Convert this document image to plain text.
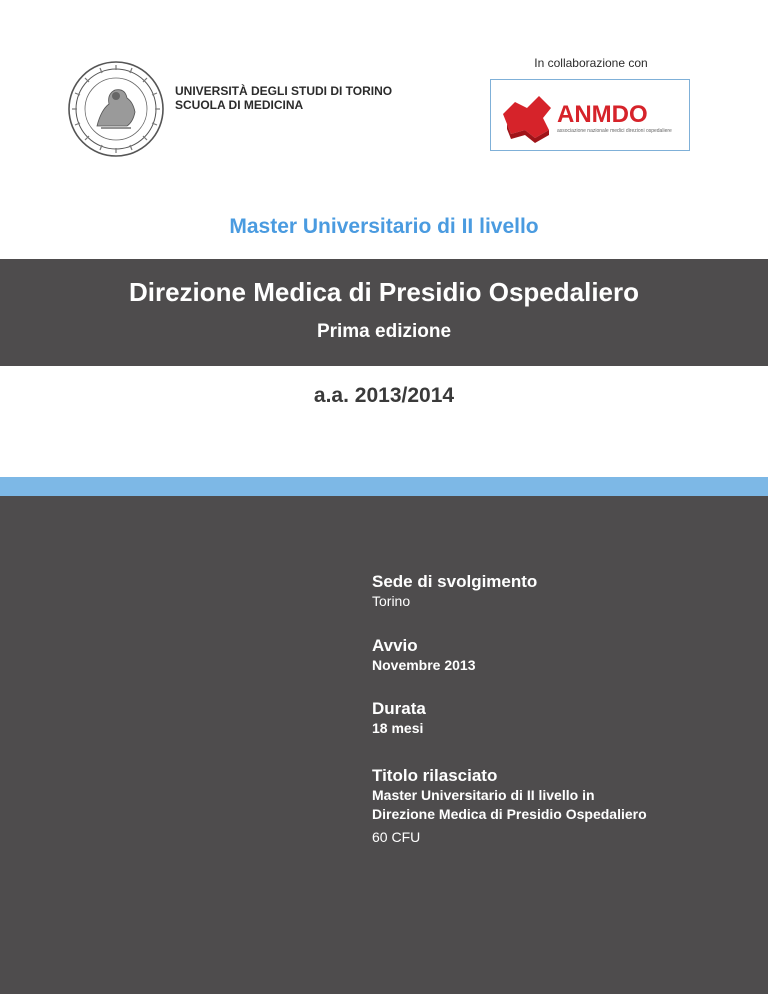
UNIVERSITÀ DEGLI STUDI DI TORINO
SCUOLA DI MEDICINA
In collaborazione con
ANMDO
associazione nazionale medici direzioni ospedaliere
Master Universitario di II livello
Direzione Medica di Presidio Ospedaliero
Prima edizione
a.a. 2013/2014
Sede di svolgimento
Torino
Avvio
Novembre 2013
Durata
18 mesi
Titolo rilasciato
Master Universitario di II livello in
Direzione Medica di Presidio Ospedaliero
60 CFU
